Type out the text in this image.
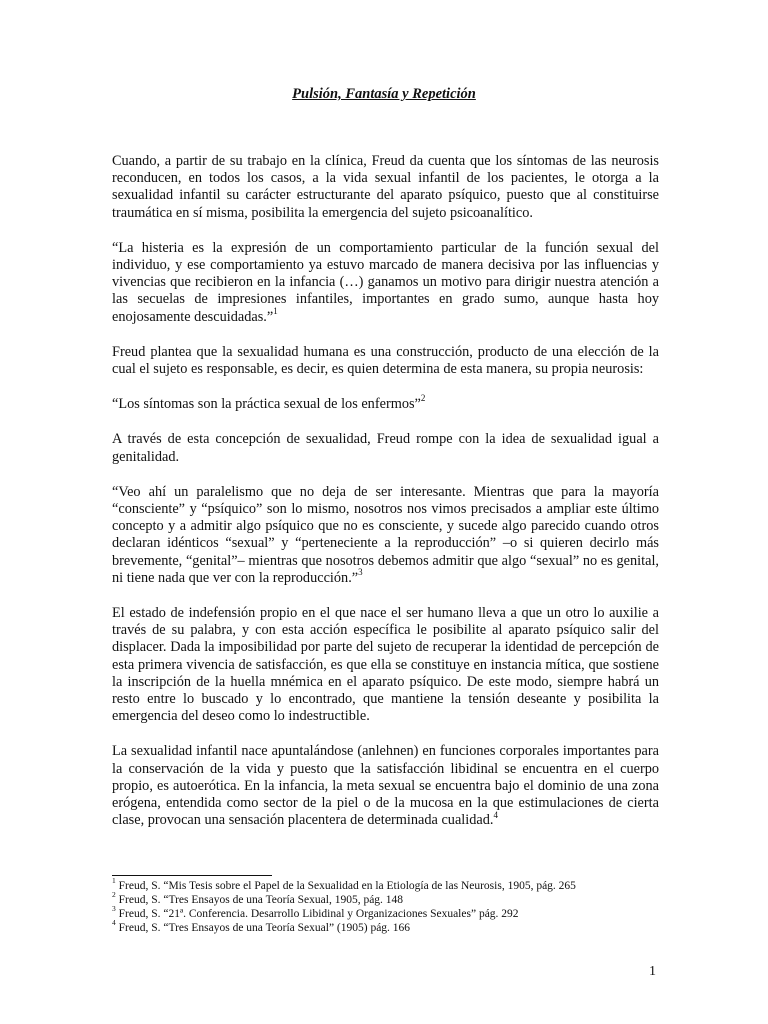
Pulsión, Fantasía y Repetición

Cuando, a partir de su trabajo en la clínica, Freud da cuenta que los síntomas de las neurosis reconducen, en todos los casos, a la vida sexual infantil de los pacientes, le otorga a la sexualidad infantil su carácter estructurante del aparato psíquico, puesto que al constituirse traumática en sí misma, posibilita la emergencia del sujeto psicoanalítico.

“La histeria es la expresión de un comportamiento particular de la función sexual del individuo, y ese comportamiento ya estuvo marcado de manera decisiva por las influencias y vivencias que recibieron en la infancia (…) ganamos un motivo para dirigir nuestra atención a las secuelas de impresiones infantiles, importantes en grado sumo, aunque hasta hoy enojosamente descuidadas.”$^1$

Freud plantea que la sexualidad humana es una construcción, producto de una elección de la cual el sujeto es responsable, es decir, es quien determina de esta manera, su propia neurosis:

“Los síntomas son la práctica sexual de los enfermos”$^2$

A través de esta concepción de sexualidad, Freud rompe con la idea de sexualidad igual a genitalidad.

“Veo ahí un paralelismo que no deja de ser interesante. Mientras que para la mayoría “consciente” y “psíquico” son lo mismo, nosotros nos vimos precisados a ampliar este último concepto y a admitir algo psíquico que no es consciente, y sucede algo parecido cuando otros declaran idénticos “sexual” y “perteneciente a la reproducción” –o si quieren decirlo más brevemente, “genital”– mientras que nosotros debemos admitir que algo “sexual” no es genital, ni tiene nada que ver con la reproducción.”$^3$

El estado de indefensión propio en el que nace el ser humano lleva a que un otro lo auxilie a través de su palabra, y con esta acción específica le posibilite al aparato psíquico salir del displacer. Dada la imposibilidad por parte del sujeto de recuperar la identidad de percepción de esta primera vivencia de satisfacción, es que ella se constituye en instancia mítica, que sostiene la inscripción de la huella mnémica en el aparato psíquico. De este modo, siempre habrá un resto entre lo buscado y lo encontrado, que mantiene la tensión deseante y posibilita la emergencia del deseo como lo indestructible.

La sexualidad infantil nace apuntalándose (anlehnen) en funciones corporales importantes para la conservación de la vida y puesto que la satisfacción libidinal se encuentra en el cuerpo propio, es autoerótica. En la infancia, la meta sexual se encuentra bajo el dominio de una zona erógena, entendida como sector de la piel o de la mucosa en la que estimulaciones de cierta clase, provocan una sensación placentera de determinada cualidad.$^4$

$^1$ Freud, S. “Mis Tesis sobre el Papel de la Sexualidad en la Etiología de las Neurosis, 1905, pág. 265
$^2$ Freud, S. “Tres Ensayos de una Teoría Sexual, 1905, pág. 148
$^3$ Freud, S. “21ª. Conferencia. Desarrollo Libidinal y Organizaciones Sexuales” pág. 292
$^4$ Freud, S. “Tres Ensayos de una Teoría Sexual” (1905) pág. 166
1
